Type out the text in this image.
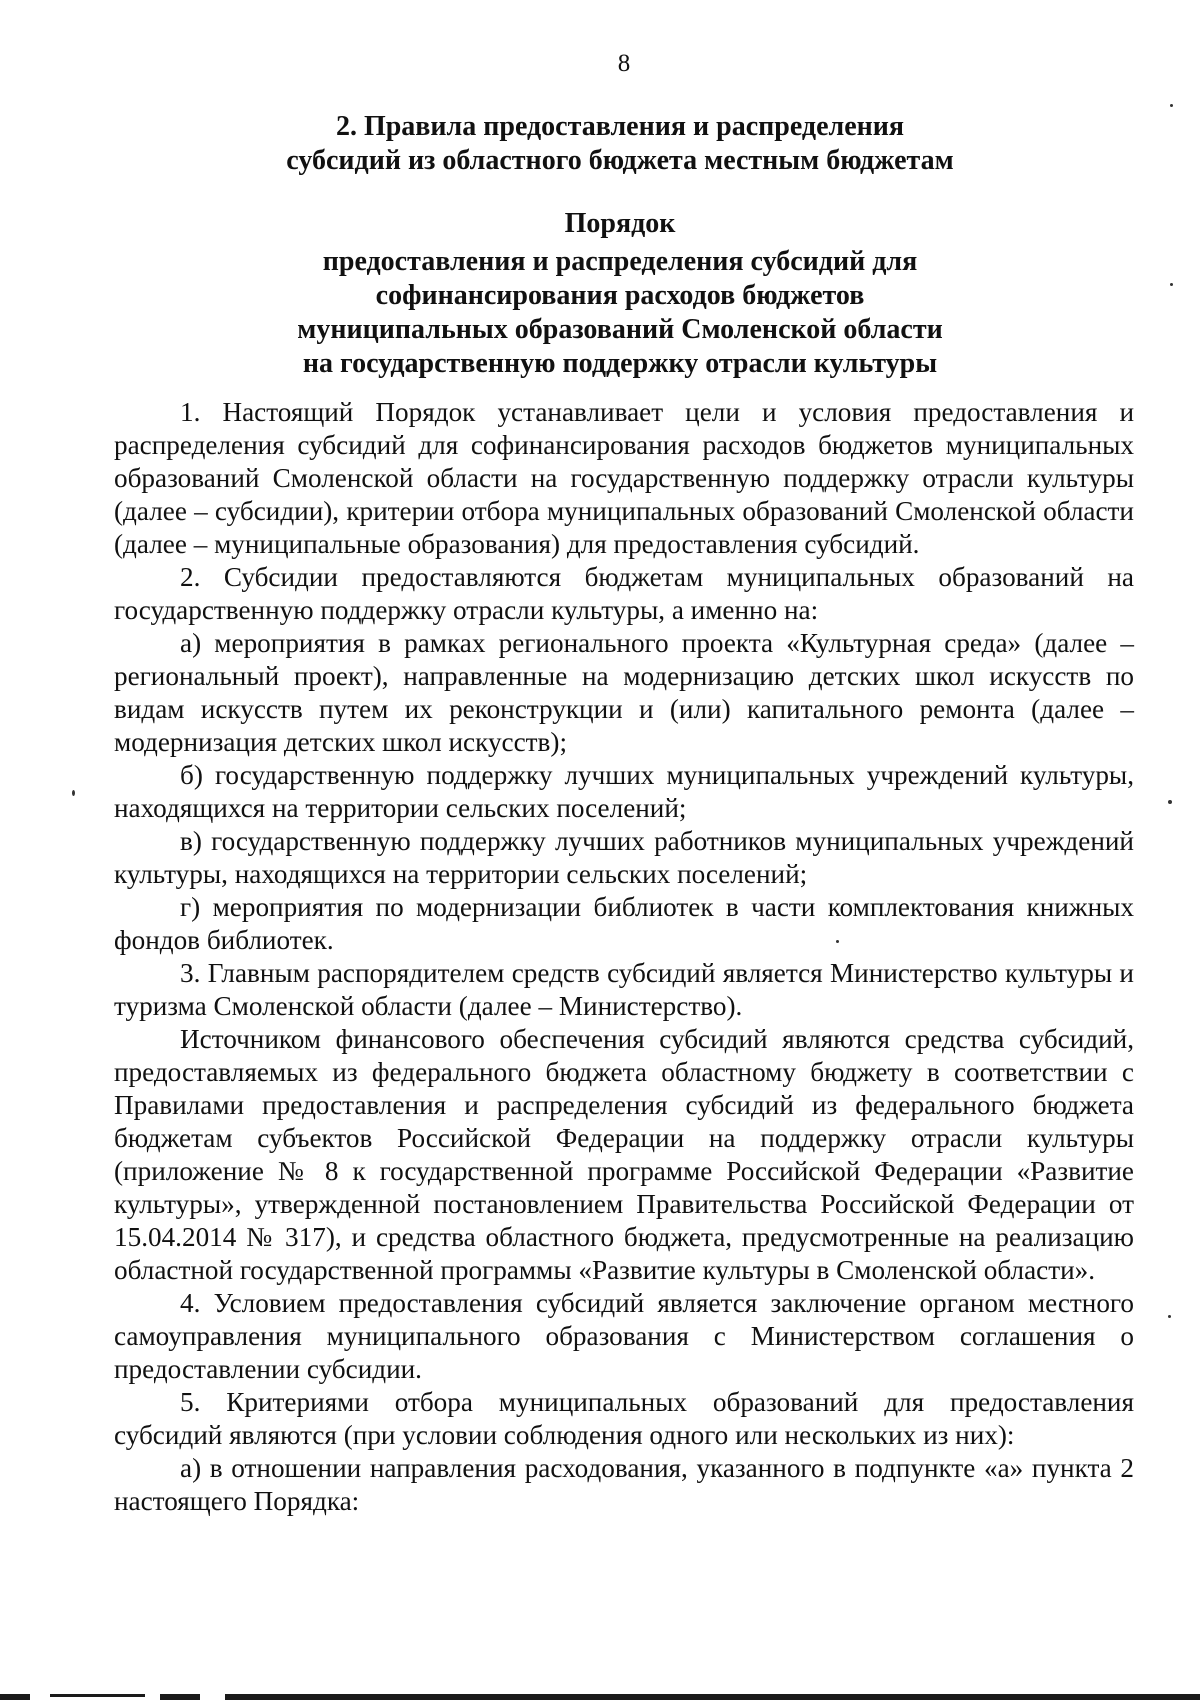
8

2. Правила предоставления и распределения

субсидий из областного бюджета местным бюджетам

Порядок

предоставления и распределения субсидий для

софинансирования расходов бюджетов

муниципальных образований Смоленской области

на государственную поддержку отрасли культуры

1. Настоящий Порядок устанавливает цели и условия предоставления и распределения субсидий для софинансирования расходов бюджетов муниципальных образований Смоленской области на государственную поддержку отрасли культуры (далее – субсидии), критерии отбора муниципальных образований Смоленской области (далее – муниципальные образования) для предоставления субсидий.

2. Субсидии предоставляются бюджетам муниципальных образований на государственную поддержку отрасли культуры, а именно на:

а) мероприятия в рамках регионального проекта «Культурная среда» (далее – региональный проект), направленные на модернизацию детских школ искусств по видам искусств путем их реконструкции и (или) капитального ремонта (далее – модернизация детских школ искусств);

б) государственную поддержку лучших муниципальных учреждений культуры, находящихся на территории сельских поселений;

в) государственную поддержку лучших работников муниципальных учреждений культуры, находящихся на территории сельских поселений;

г) мероприятия по модернизации библиотек в части комплектования книжных фондов библиотек.

3. Главным распорядителем средств субсидий является Министерство культуры и туризма Смоленской области (далее – Министерство).

Источником финансового обеспечения субсидий являются средства субсидий, предоставляемых из федерального бюджета областному бюджету в соответствии с Правилами предоставления и распределения субсидий из федерального бюджета бюджетам субъектов Российской Федерации на поддержку отрасли культуры (приложение № 8 к государственной программе Российской Федерации «Развитие культуры», утвержденной постановлением Правительства Российской Федерации от 15.04.2014 № 317), и средства областного бюджета, предусмотренные на реализацию областной государственной программы «Развитие культуры в Смоленской области».

4. Условием предоставления субсидий является заключение органом местного самоуправления муниципального образования с Министерством соглашения о предоставлении субсидии.

5. Критериями отбора муниципальных образований для предоставления субсидий являются (при условии соблюдения одного или нескольких из них):

а) в отношении направления расходования, указанного в подпункте «а» пункта 2 настоящего Порядка:
